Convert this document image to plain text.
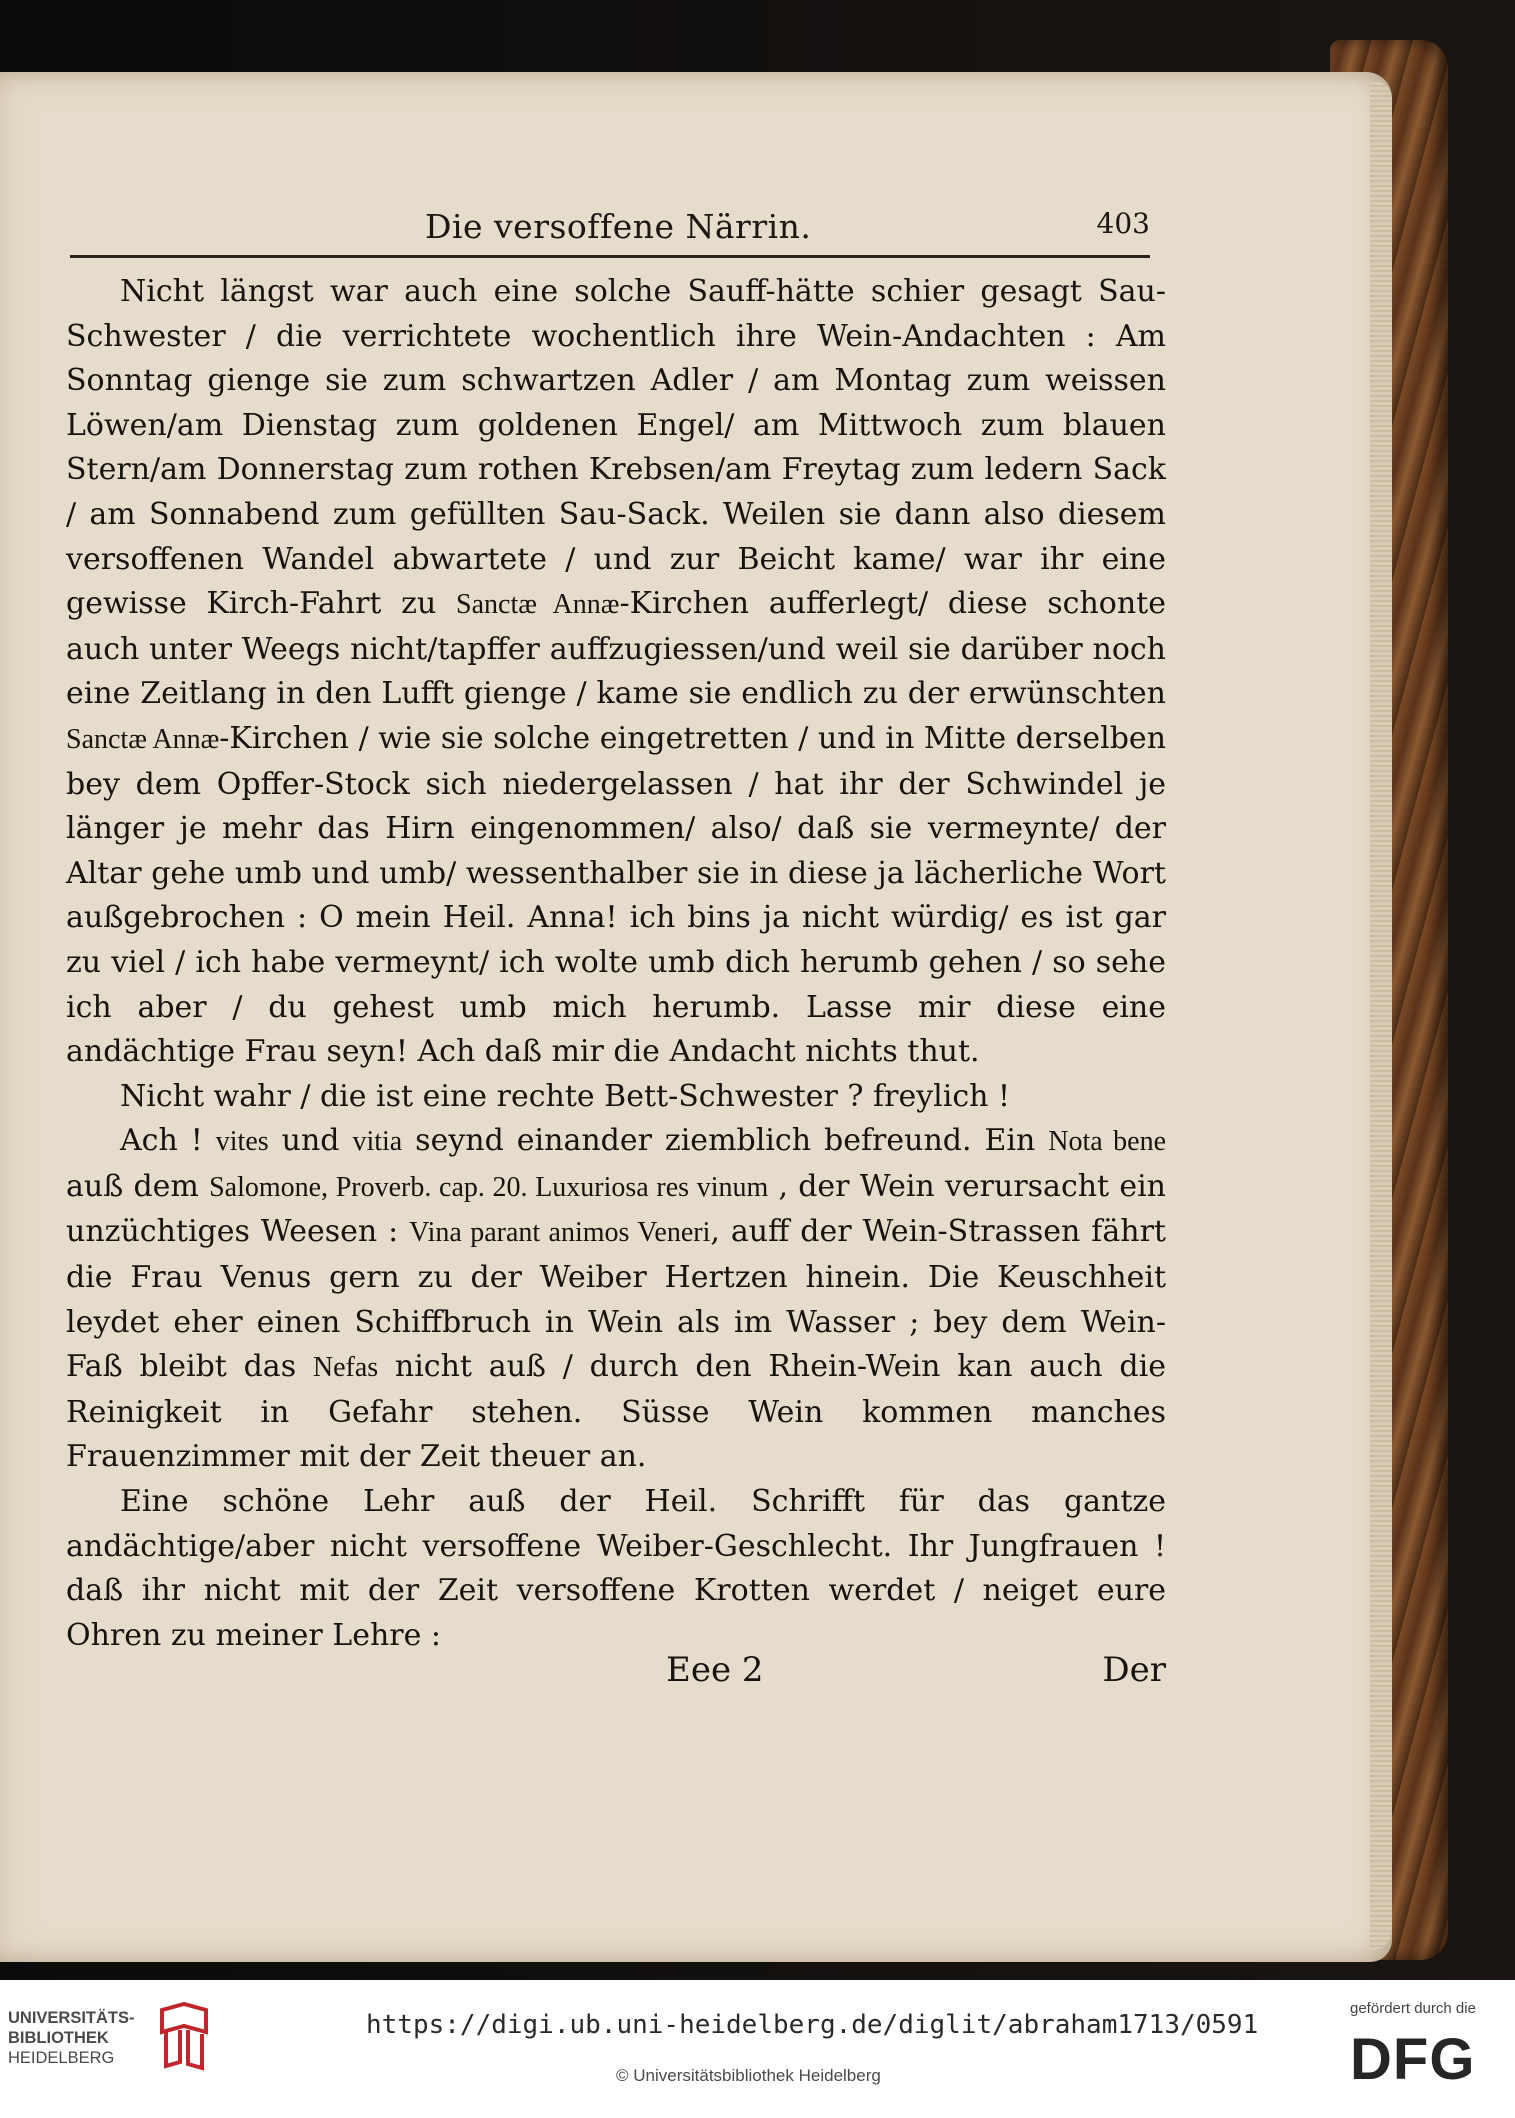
Die versoffene Närrin.	403

Nicht längst war auch eine solche Sauff-hätte schier gesagt Sau-Schwester / die verrichtete wochentlich ihre Wein-Andachten : Am Sonntag gienge sie zum schwartzen Adler / am Montag zum weissen Löwen/am Dienstag zum goldenen Engel/ am Mittwoch zum blauen Stern/am Donnerstag zum rothen Krebsen/am Freytag zum ledern Sack / am Sonnabend zum gefüllten Sau-Sack. Weilen sie dann also diesem versoffenen Wandel abwartete / und zur Beicht kame/ war ihr eine gewisse Kirch-Fahrt zu Sanctæ Annæ-Kirchen aufferlegt/ diese schonte auch unter Weegs nicht/tapffer auffzugiessen/und weil sie darüber noch eine Zeitlang in den Lufft gienge / kame sie endlich zu der erwünschten Sanctæ Annæ-Kirchen / wie sie solche eingetretten / und in Mitte derselben bey dem Opffer-Stock sich niedergelassen / hat ihr der Schwindel je länger je mehr das Hirn eingenommen/ also/ daß sie vermeynte/ der Altar gehe umb und umb/ wessenthalber sie in diese ja lächerliche Wort außgebrochen : O mein Heil. Anna! ich bins ja nicht würdig/ es ist gar zu viel / ich habe vermeynt/ ich wolte umb dich herumb gehen / so sehe ich aber / du gehest umb mich herumb. Lasse mir diese eine andächtige Frau seyn! Ach daß mir die Andacht nichts thut.

Nicht wahr / die ist eine rechte Bett-Schwester ? freylich !

Ach ! vites und vitia seynd einander ziemblich befreund. Ein Nota bene auß dem Salomone, Proverb. cap. 20. Luxuriosa res vinum , der Wein verursacht ein unzüchtiges Weesen : Vina parant animos Veneri, auff der Wein-Strassen fährt die Frau Venus gern zu der Weiber Hertzen hinein. Die Keuschheit leydet eher einen Schiffbruch in Wein als im Wasser ; bey dem Wein-Faß bleibt das Nefas nicht auß / durch den Rhein-Wein kan auch die Reinigkeit in Gefahr stehen. Süsse Wein kommen manches Frauenzimmer mit der Zeit theuer an.

Eine schöne Lehr auß der Heil. Schrifft für das gantze andächtige/aber nicht versoffene Weiber-Geschlecht. Ihr Jungfrauen ! daß ihr nicht mit der Zeit versoffene Krotten werdet / neiget eure Ohren zu meiner Lehre :

Eee 2	Der
UNIVERSITÄTS-
BIBLIOTHEK
HEIDELBERG
https://digi.ub.uni-heidelberg.de/diglit/abraham1713/0591
© Universitätsbibliothek Heidelberg
gefördert durch die
DFG
